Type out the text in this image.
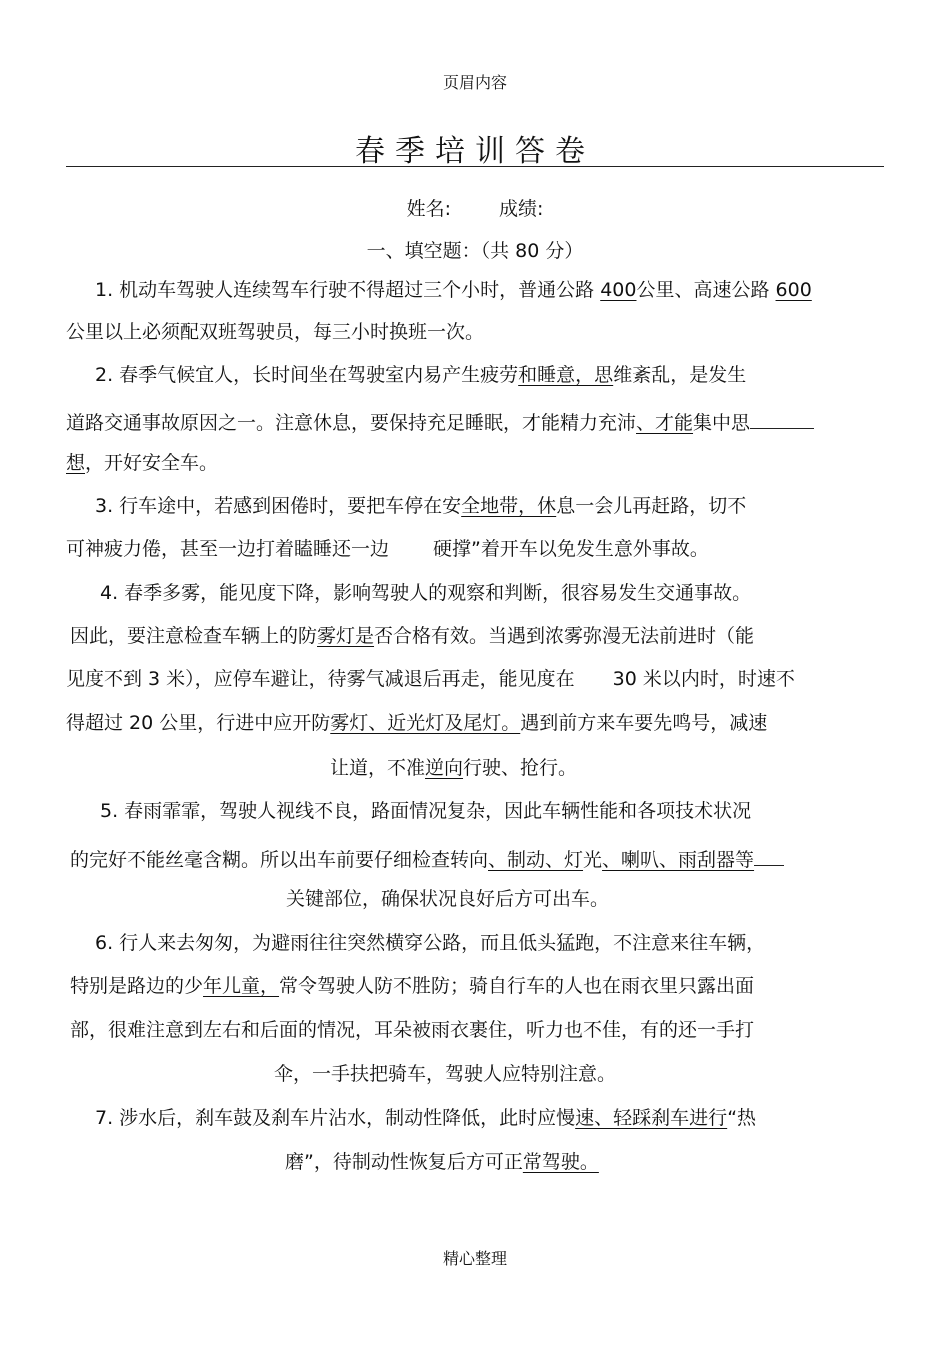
页眉内容
春季培训答卷
姓名:	成绩:
一、填空题：（共 80 分）
1. 机动车驾驶人连续驾车行驶不得超过三个小时，普通公路 400公里、高速公路 600
公里以上必须配双班驾驶员，每三小时换班一次。
2. 春季气候宜人，长时间坐在驾驶室内易产生疲劳和睡意，思维紊乱，是发生
道路交通事故原因之一。注意休息，要保持充足睡眠，才能精力充沛、才能集中思
想，开好安全车。
3. 行车途中，若感到困倦时，要把车停在安全地带，休息一会儿再赶路，切不
可神疲力倦，甚至一边打着瞌睡还一边　　 硬撑”着开车以免发生意外事故。
4. 春季多雾，能见度下降，影响驾驶人的观察和判断，很容易发生交通事故。
因此，要注意检查车辆上的防雾灯是否合格有效。当遇到浓雾弥漫无法前进时（能
见度不到 3 米），应停车避让，待雾气减退后再走，能见度在　　30 米以内时，时速不
得超过 20 公里，行进中应开防雾灯、近光灯及尾灯。遇到前方来车要先鸣号，减速
让道，不准逆向行驶、抢行。
5. 春雨霏霏，驾驶人视线不良，路面情况复杂，因此车辆性能和各项技术状况
的完好不能丝毫含糊。所以出车前要仔细检查转向、制动、灯光、喇叭、雨刮器等
关键部位，确保状况良好后方可出车。
6. 行人来去匆匆，为避雨往往突然横穿公路，而且低头猛跑，不注意来往车辆，
特别是路边的少年儿童，常令驾驶人防不胜防；骑自行车的人也在雨衣里只露出面
部，很难注意到左右和后面的情况，耳朵被雨衣裹住，听力也不佳，有的还一手打
伞，一手扶把骑车，驾驶人应特别注意。
7. 涉水后，刹车鼓及刹车片沾水，制动性降低，此时应慢速、轻踩刹车进行“热
磨”，待制动性恢复后方可正常驾驶。
精心整理
